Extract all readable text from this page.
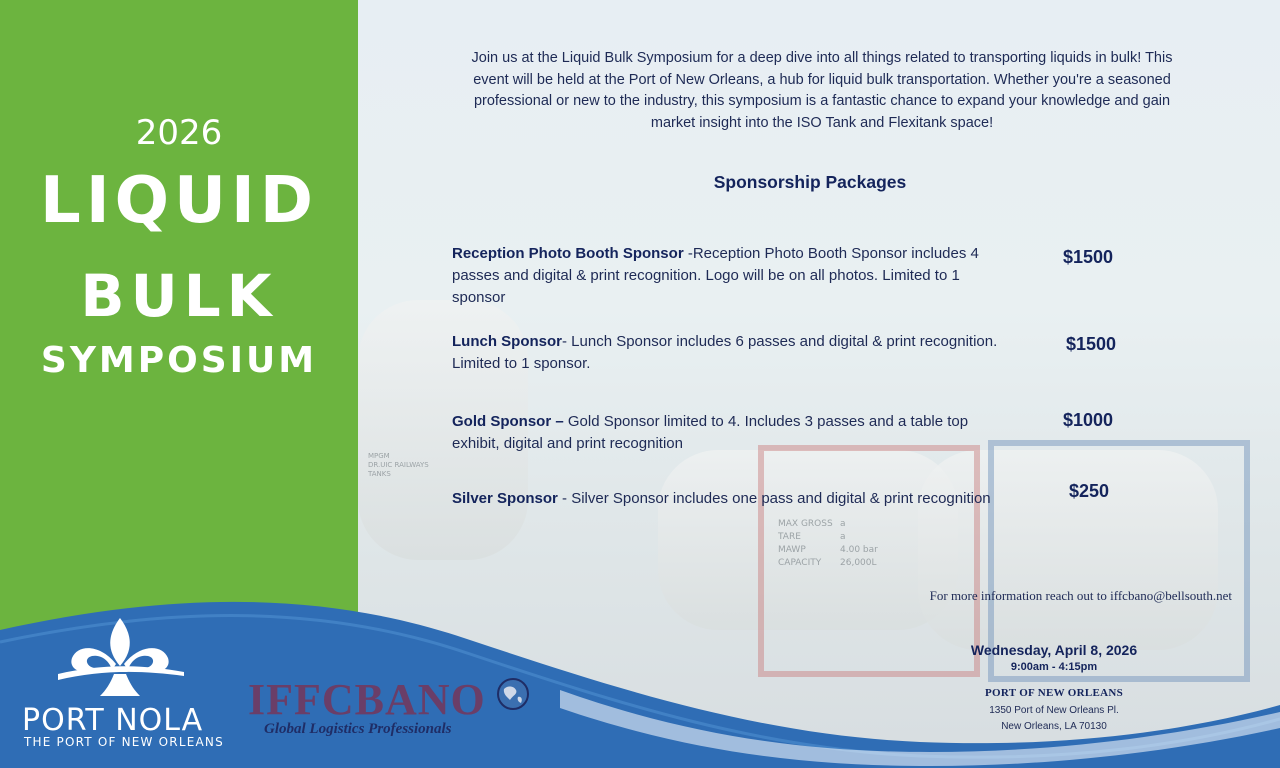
MAX GROSS
TARE
MAWP
CAPACITY
a
a
4.00 bar
26,000L
MPGM
DR.UIC RAILWAYS
TANKS
2026
LIQUID
BULK
SYMPOSIUM
Join us at the Liquid Bulk Symposium for a deep dive into all things related to transporting liquids in bulk! This event will be held at the Port of New Orleans, a hub for liquid bulk transportation. Whether you're a seasoned professional or new to the industry, this symposium is a fantastic chance to expand your knowledge and gain market insight into the ISO Tank and Flexitank space!
Sponsorship Packages
Reception Photo Booth Sponsor -Reception Photo Booth Sponsor includes 4 passes and digital & print recognition. Logo will be on all photos. Limited to 1 sponsor
$1500
Lunch Sponsor- Lunch Sponsor includes 6 passes and digital & print recognition. Limited to 1 sponsor.
$1500
Gold Sponsor – Gold Sponsor limited to 4. Includes 3 passes and a table top exhibit, digital and print recognition
$1000
Silver Sponsor - Silver Sponsor includes one pass and digital & print recognition	$250
For more information reach out to iffcbano@bellsouth.net
Wednesday, April 8, 2026
9:00am - 4:15pm
PORT OF NEW ORLEANS
1350 Port of New Orleans Pl.
New Orleans, LA 70130
PORT NOLA
THE PORT OF NEW ORLEANS
IFFCBANO
Global Logistics Professionals
